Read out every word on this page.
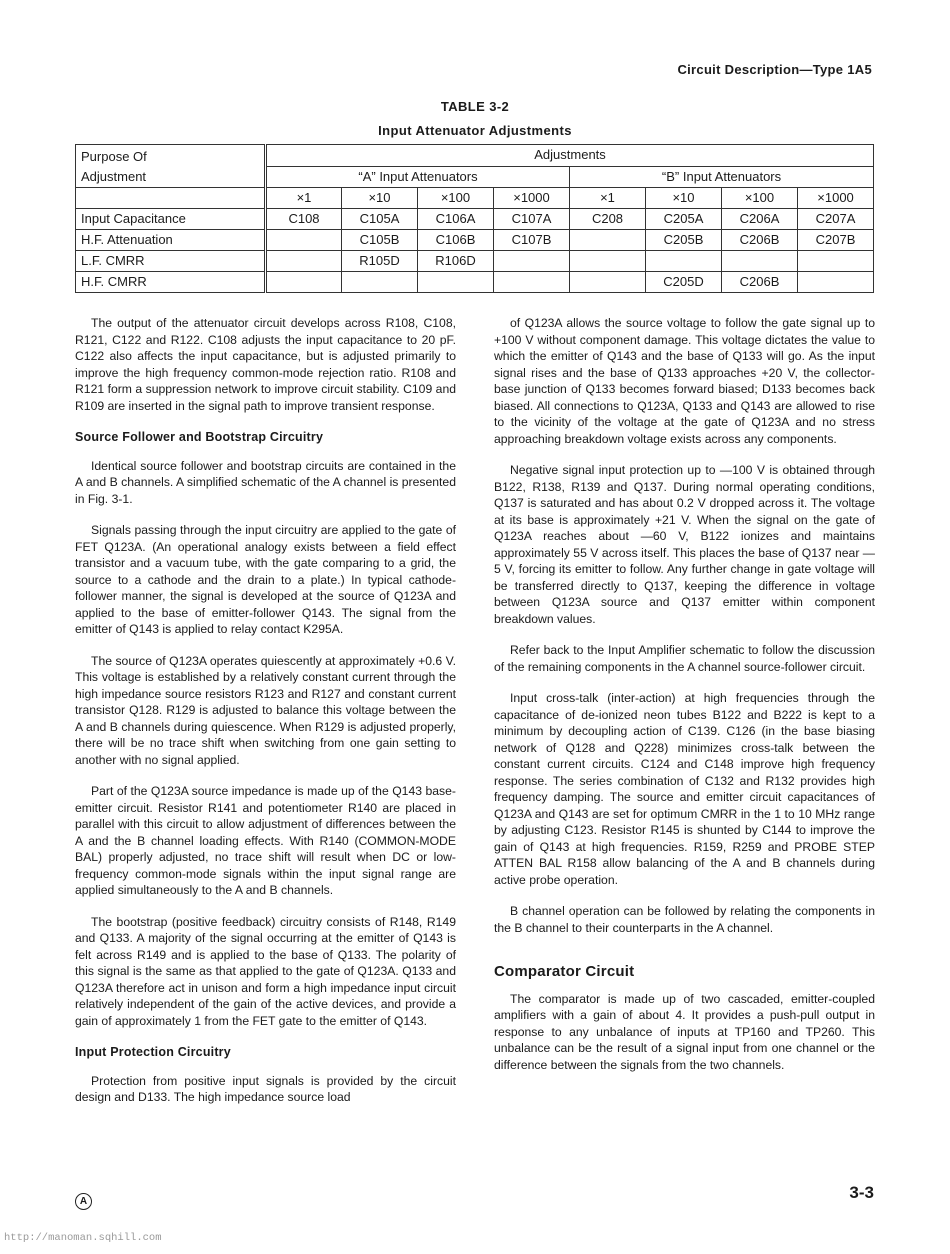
Circuit Description—Type 1A5
TABLE 3-2
Input Attenuator Adjustments
Purpose Of
Adjustment	Adjustments							
	“A” Input Attenuators				“B” Input Attenuators			
	×1	×10	×100	×1000	×1	×10	×100	×1000
Input Capacitance	C108	C105A	C106A	C107A	C208	C205A	C206A	C207A
H.F. Attenuation		C105B	C106B	C107B		C205B	C206B	C207B
L.F. CMRR		R105D	R106D					
H.F. CMRR						C205D	C206B	

The output of the attenuator circuit develops across R108, C108, R121, C122 and R122. C108 adjusts the input capacitance to 20 pF. C122 also affects the input capacitance, but is adjusted primarily to improve the high frequency common-mode rejection ratio. R108 and R121 form a suppression network to improve circuit stability. C109 and R109 are inserted in the signal path to improve transient response.

Source Follower and Bootstrap Circuitry

Identical source follower and bootstrap circuits are contained in the A and B channels. A simplified schematic of the A channel is presented in Fig. 3-1.

Signals passing through the input circuitry are applied to the gate of FET Q123A. (An operational analogy exists between a field effect transistor and a vacuum tube, with the gate comparing to a grid, the source to a cathode and the drain to a plate.) In typical cathode-follower manner, the signal is developed at the source of Q123A and applied to the base of emitter-follower Q143. The signal from the emitter of Q143 is applied to relay contact K295A.

The source of Q123A operates quiescently at approximately +0.6 V. This voltage is established by a relatively constant current through the high impedance source resistors R123 and R127 and constant current transistor Q128. R129 is adjusted to balance this voltage between the A and B channels during quiescence. When R129 is adjusted properly, there will be no trace shift when switching from one gain setting to another with no signal applied.

Part of the Q123A source impedance is made up of the Q143 base-emitter circuit. Resistor R141 and potentiometer R140 are placed in parallel with this circuit to allow adjustment of differences between the A and the B channel loading effects. With R140 (COMMON-MODE BAL) properly adjusted, no trace shift will result when DC or low-frequency common-mode signals within the input signal range are applied simultaneously to the A and B channels.

The bootstrap (positive feedback) circuitry consists of R148, R149 and Q133. A majority of the signal occurring at the emitter of Q143 is felt across R149 and is applied to the base of Q133. The polarity of this signal is the same as that applied to the gate of Q123A. Q133 and Q123A therefore act in unison and form a high impedance input circuit relatively independent of the gain of the active devices, and provide a gain of approximately 1 from the FET gate to the emitter of Q143.

Input Protection Circuitry

Protection from positive input signals is provided by the circuit design and D133. The high impedance source load

of Q123A allows the source voltage to follow the gate signal up to +100 V without component damage. This voltage dictates the value to which the emitter of Q143 and the base of Q133 will go. As the input signal rises and the base of Q133 approaches +20 V, the collector-base junction of Q133 becomes forward biased; D133 becomes back biased. All connections to Q123A, Q133 and Q143 are allowed to rise to the vicinity of the voltage at the gate of Q123A and no stress approaching breakdown voltage exists across any components.

Negative signal input protection up to —100 V is obtained through B122, R138, R139 and Q137. During normal operating conditions, Q137 is saturated and has about 0.2 V dropped across it. The voltage at its base is approximately +21 V. When the signal on the gate of Q123A reaches about —60 V, B122 ionizes and maintains approximately 55 V across itself. This places the base of Q137 near —5 V, forcing its emitter to follow. Any further change in gate voltage will be transferred directly to Q137, keeping the difference in voltage between Q123A source and Q137 emitter within component breakdown values.

Refer back to the Input Amplifier schematic to follow the discussion of the remaining components in the A channel source-follower circuit.

Input cross-talk (inter-action) at high frequencies through the capacitance of de-ionized neon tubes B122 and B222 is kept to a minimum by decoupling action of C139. C126 (in the base biasing network of Q128 and Q228) minimizes cross-talk between the constant current circuits. C124 and C148 improve high frequency response. The series combination of C132 and R132 provides high frequency damping. The source and emitter circuit capacitances of Q123A and Q143 are set for optimum CMRR in the 1 to 10 MHz range by adjusting C123. Resistor R145 is shunted by C144 to improve the gain of Q143 at high frequencies. R159, R259 and PROBE STEP ATTEN BAL R158 allow balancing of the A and B channels during active probe operation.

B channel operation can be followed by relating the components in the B channel to their counterparts in the A channel.

Comparator Circuit

The comparator is made up of two cascaded, emitter-coupled amplifiers with a gain of about 4. It provides a push-pull output in response to any unbalance of inputs at TP160 and TP260. This unbalance can be the result of a signal input from one channel or the difference between the signals from the two channels.

A	3-3
http://manoman.sqhill.com
